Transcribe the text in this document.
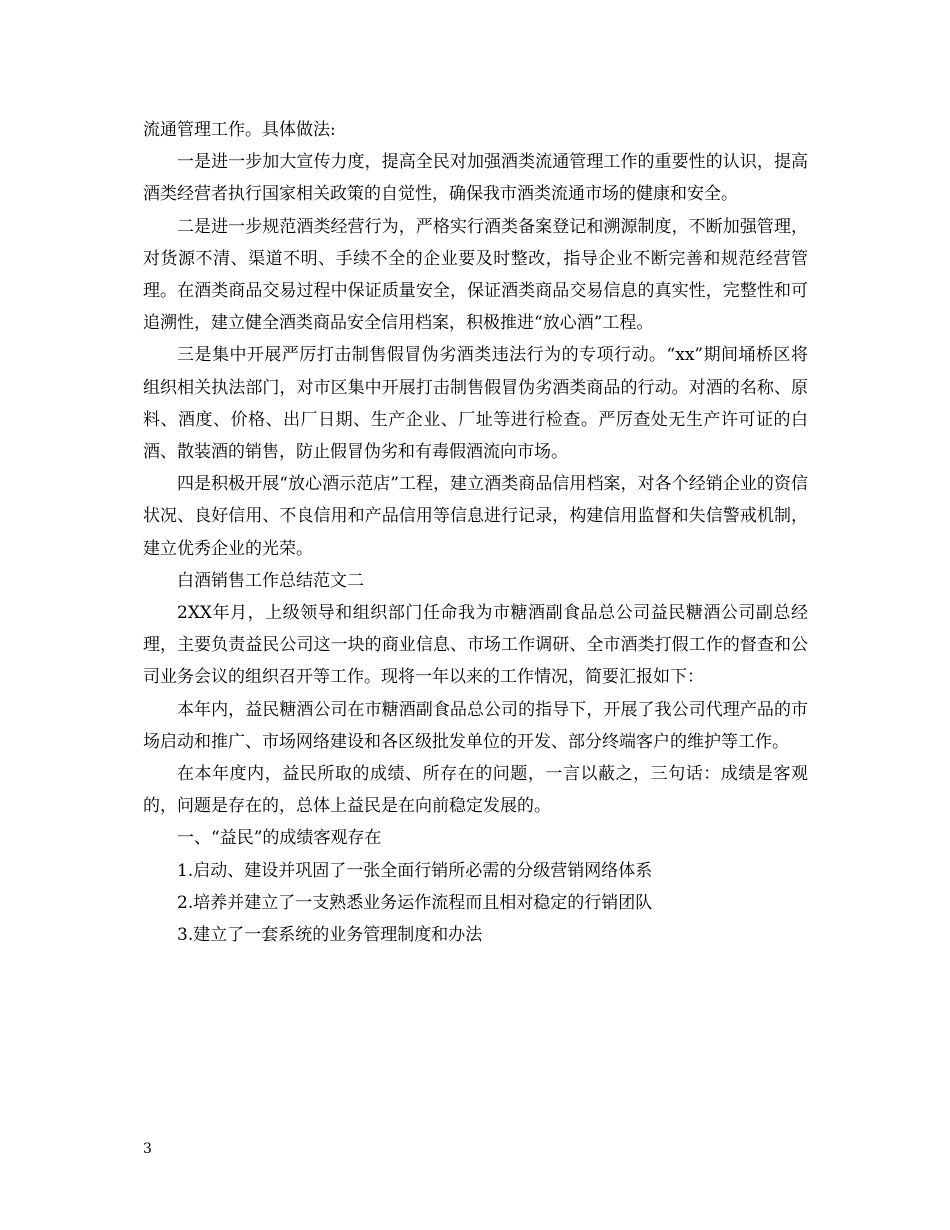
流通管理工作。具体做法:

一是进一步加大宣传力度，提高全民对加强酒类流通管理工作的重要性的认识，提高酒类经营者执行国家相关政策的自觉性，确保我市酒类流通市场的健康和安全。

二是进一步规范酒类经营行为，严格实行酒类备案登记和溯源制度，不断加强管理，对货源不清、渠道不明、手续不全的企业要及时整改，指导企业不断完善和规范经营管理。在酒类商品交易过程中保证质量安全，保证酒类商品交易信息的真实性，完整性和可追溯性，建立健全酒类商品安全信用档案，积极推进“放心酒”工程。

三是集中开展严厉打击制售假冒伪劣酒类违法行为的专项行动。“xx”期间埇桥区将组织相关执法部门，对市区集中开展打击制售假冒伪劣酒类商品的行动。对酒的名称、原料、酒度、价格、出厂日期、生产企业、厂址等进行检查。严厉查处无生产许可证的白酒、散装酒的销售，防止假冒伪劣和有毒假酒流向市场。

四是积极开展“放心酒示范店”工程，建立酒类商品信用档案，对各个经销企业的资信状况、良好信用、不良信用和产品信用等信息进行记录，构建信用监督和失信警戒机制，建立优秀企业的光荣。

白酒销售工作总结范文二

2XX年月，上级领导和组织部门任命我为市糖酒副食品总公司益民糖酒公司副总经理，主要负责益民公司这一块的商业信息、市场工作调研、全市酒类打假工作的督查和公司业务会议的组织召开等工作。现将一年以来的工作情况，简要汇报如下：

本年内，益民糖酒公司在市糖酒副食品总公司的指导下，开展了我公司代理产品的市场启动和推广、市场网络建设和各区级批发单位的开发、部分终端客户的维护等工作。

在本年度内，益民所取的成绩、所存在的问题，一言以蔽之，三句话：成绩是客观的，问题是存在的，总体上益民是在向前稳定发展的。

一、“益民”的成绩客观存在

1.启动、建设并巩固了一张全面行销所必需的分级营销网络体系

2.培养并建立了一支熟悉业务运作流程而且相对稳定的行销团队

3.建立了一套系统的业务管理制度和办法

3
